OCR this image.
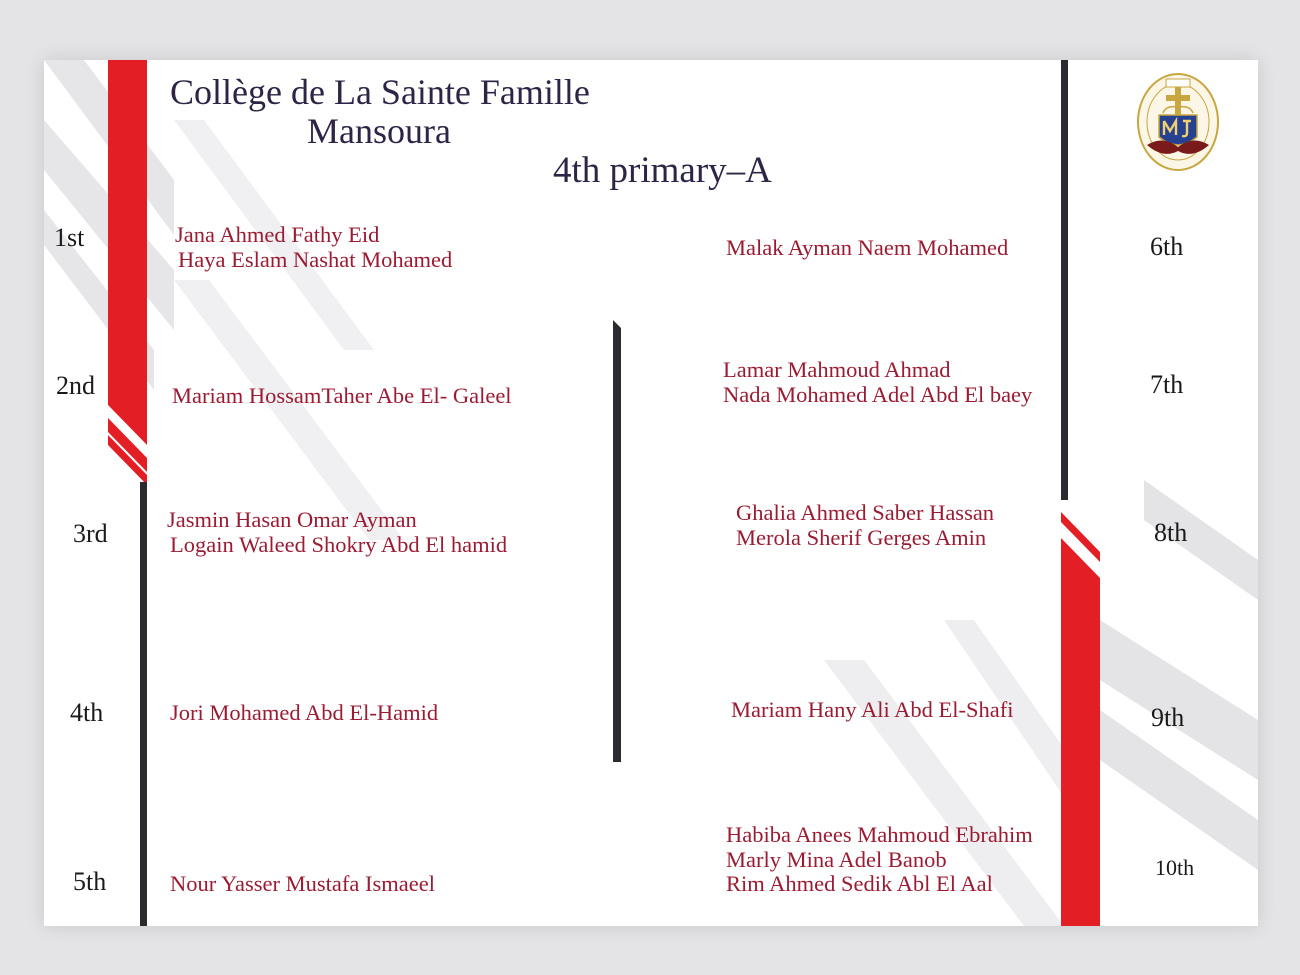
Collège de La Sainte Famille
Mansoura
4th primary–A
1st
2nd
3rd
4th
5th
6th
7th
8th
9th
10th
Jana Ahmed Fathy Eid
Haya Eslam Nashat Mohamed
Mariam HossamTaher Abe El- Galeel
Jasmin Hasan Omar Ayman
Logain Waleed Shokry Abd El hamid
Jori Mohamed Abd El-Hamid
Nour Yasser Mustafa Ismaeel
Malak Ayman Naem Mohamed
Lamar Mahmoud Ahmad
Nada Mohamed Adel Abd El baey
Ghalia Ahmed Saber Hassan
Merola Sherif Gerges Amin
Mariam Hany Ali Abd El-Shafi
Habiba Anees Mahmoud Ebrahim
Marly Mina Adel Banob
Rim Ahmed Sedik Abl El Aal
